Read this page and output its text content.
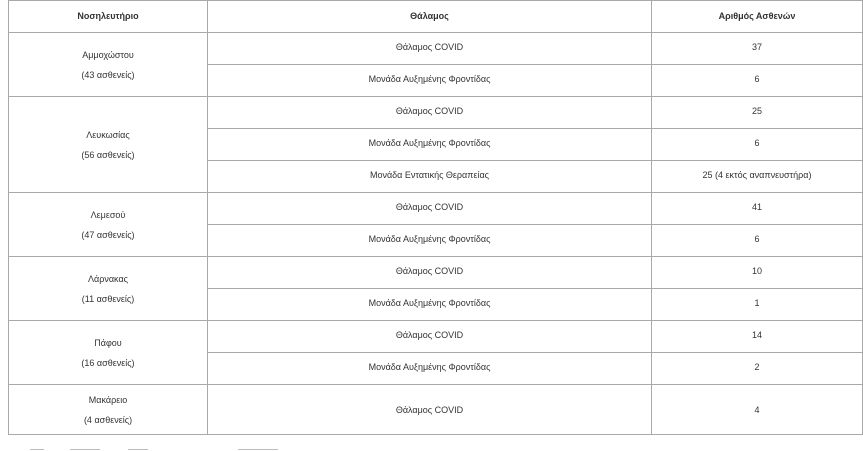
Νοσηλευτήριο	Θάλαμος	Αριθμός Ασθενών
Αμμοχώστου
(43 ασθενείς)	Θάλαμος COVID	37
	Μονάδα Αυξημένης Φροντίδας	6
Λευκωσίας
(56 ασθενείς)	Θάλαμος COVID	25
	Μονάδα Αυξημένης Φροντίδας	6
	Μονάδα Εντατικής Θεραπείας	25 (4 εκτός αναπνευστήρα)
Λεμεσού
(47 ασθενείς)	Θάλαμος COVID	41
	Μονάδα Αυξημένης Φροντίδας	6
Λάρνακας
(11 ασθενείς)	Θάλαμος COVID	10
	Μονάδα Αυξημένης Φροντίδας	1
Πάφου
(16 ασθενείς)	Θάλαμος COVID	14
	Μονάδα Αυξημένης Φροντίδας	2
Μακάρειο
(4 ασθενείς)	Θάλαμος COVID	4
